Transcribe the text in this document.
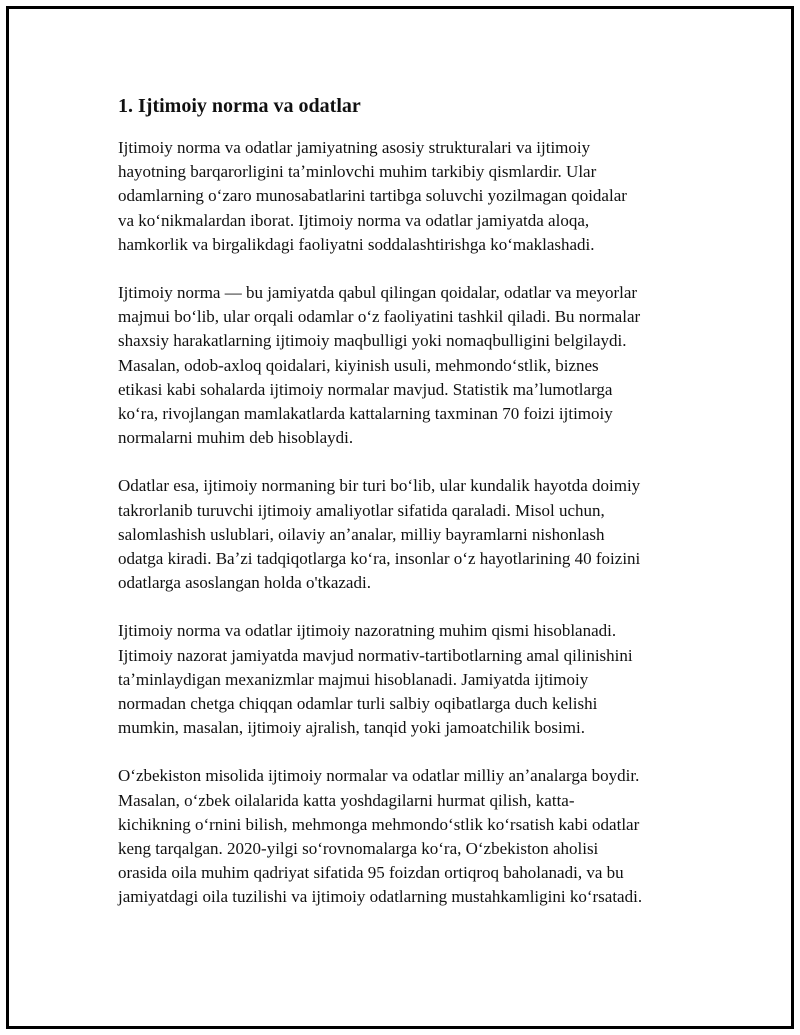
1. Ijtimoiy norma va odatlar

Ijtimoiy norma va odatlar jamiyatning asosiy strukturalari va ijtimoiy
hayotning barqarorligini taʼminlovchi muhim tarkibiy qismlardir. Ular
odamlarning oʻzaro munosabatlarini tartibga soluvchi yozilmagan qoidalar
va koʻnikmalardan iborat. Ijtimoiy norma va odatlar jamiyatda aloqa,
hamkorlik va birgalikdagi faoliyatni soddalashtirishga koʻmaklashadi.

Ijtimoiy norma — bu jamiyatda qabul qilingan qoidalar, odatlar va meyorlar
majmui boʻlib, ular orqali odamlar oʻz faoliyatini tashkil qiladi. Bu normalar
shaxsiy harakatlarning ijtimoiy maqbulligi yoki nomaqbulligini belgilaydi.
Masalan, odob-axloq qoidalari, kiyinish usuli, mehmondoʻstlik, biznes
etikasi kabi sohalarda ijtimoiy normalar mavjud. Statistik maʼlumotlarga
koʻra, rivojlangan mamlakatlarda kattalarning taxminan 70 foizi ijtimoiy
normalarni muhim deb hisoblaydi.

Odatlar esa, ijtimoiy normaning bir turi boʻlib, ular kundalik hayotda doimiy
takrorlanib turuvchi ijtimoiy amaliyotlar sifatida qaraladi. Misol uchun,
salomlashish uslublari, oilaviy anʼanalar, milliy bayramlarni nishonlash
odatga kiradi. Baʼzi tadqiqotlarga koʻra, insonlar oʻz hayotlarining 40 foizini
odatlarga asoslangan holda o'tkazadi.

Ijtimoiy norma va odatlar ijtimoiy nazoratning muhim qismi hisoblanadi.
Ijtimoiy nazorat jamiyatda mavjud normativ-tartibotlarning amal qilinishini
taʼminlaydigan mexanizmlar majmui hisoblanadi. Jamiyatda ijtimoiy
normadan chetga chiqqan odamlar turli salbiy oqibatlarga duch kelishi
mumkin, masalan, ijtimoiy ajralish, tanqid yoki jamoatchilik bosimi.

Oʻzbekiston misolida ijtimoiy normalar va odatlar milliy anʼanalarga boydir.
Masalan, oʻzbek oilalarida katta yoshdagilarni hurmat qilish, katta-
kichikning oʻrnini bilish, mehmonga mehmondoʻstlik koʻrsatish kabi odatlar
keng tarqalgan. 2020-yilgi soʻrovnomalarga koʻra, Oʻzbekiston aholisi
orasida oila muhim qadriyat sifatida 95 foizdan ortiqroq baholanadi, va bu
jamiyatdagi oila tuzilishi va ijtimoiy odatlarning mustahkamligini koʻrsatadi.
